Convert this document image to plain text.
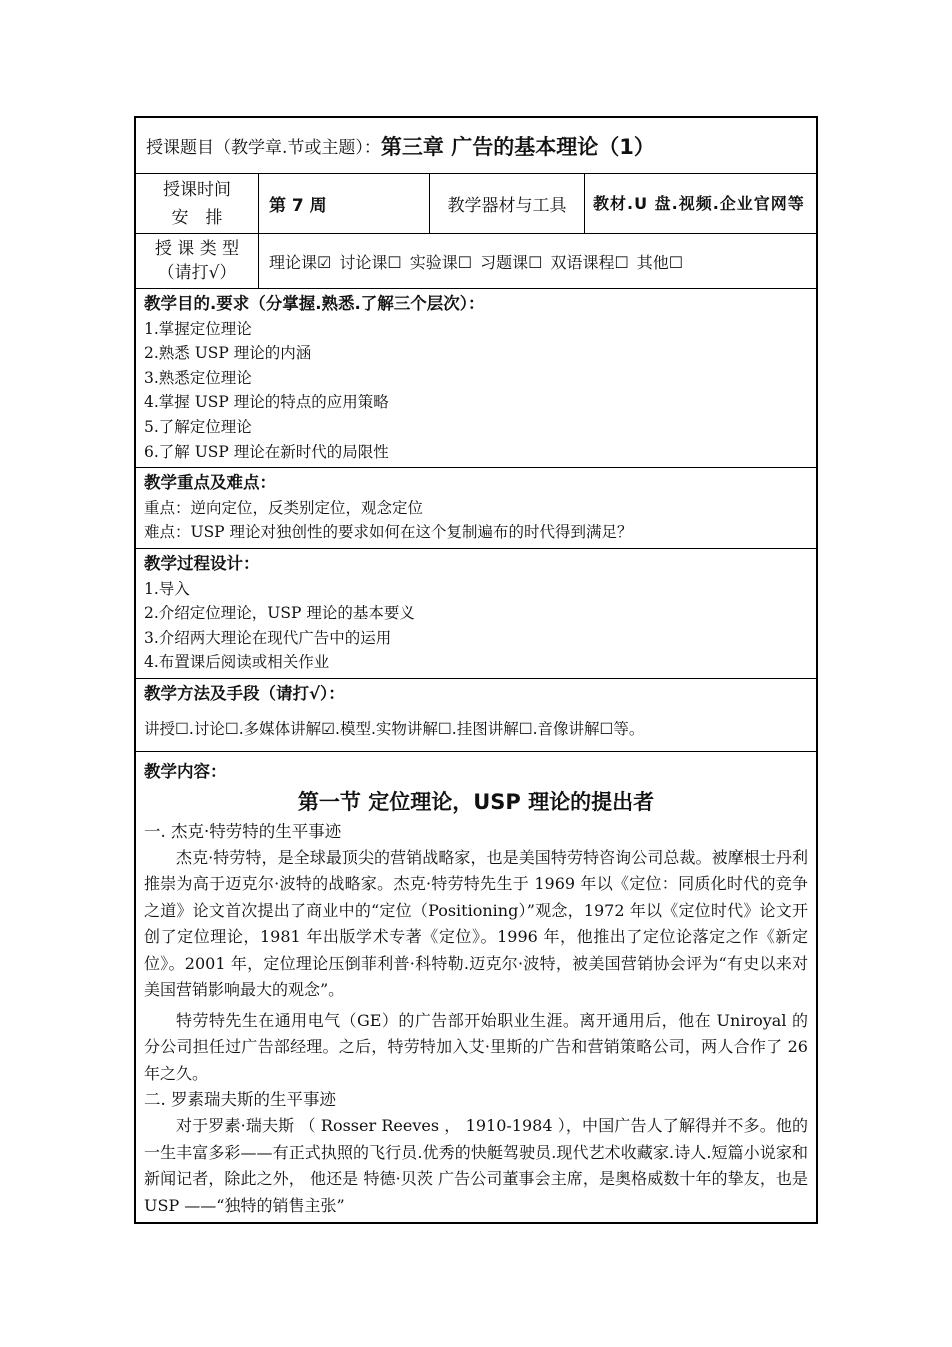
授课题目（教学章.节或主题）： 第三章 广告的基本理论（1）
授课时间
安　排
第 7 周	教学器材与工具	教材.U 盘.视频.企业官网等
授 课 类 型
（请打√）
理论课☑ 讨论课☐ 实验课☐ 习题课☐ 双语课程☐ 其他☐
教学目的.要求（分掌握.熟悉.了解三个层次）：
1.掌握定位理论
2.熟悉 USP 理论的内涵
3.熟悉定位理论
4.掌握 USP 理论的特点的应用策略
5.了解定位理论
6.了解 USP 理论在新时代的局限性
教学重点及难点：
重点：逆向定位，反类别定位，观念定位
难点：USP 理论对独创性的要求如何在这个复制遍布的时代得到满足？
教学过程设计：
1.导入
2.介绍定位理论，USP 理论的基本要义
3.介绍两大理论在现代广告中的运用
4.布置课后阅读或相关作业
教学方法及手段（请打√）：
讲授☐.讨论☐.多媒体讲解☑.模型.实物讲解☐.挂图讲解☐.音像讲解☐等。
教学内容：
第一节 定位理论，USP 理论的提出者
一. 杰克·特劳特的生平事迹

杰克·特劳特，是全球最顶尖的营销战略家，也是美国特劳特咨询公司总裁。被摩根士丹利推崇为高于迈克尔·波特的战略家。杰克·特劳特先生于 1969 年以《定位：同质化时代的竞争之道》论文首次提出了商业中的“定位（Positioning）”观念，1972 年以《定位时代》论文开创了定位理论，1981 年出版学术专著《定位》。1996 年，他推出了定位论落定之作《新定位》。2001 年，定位理论压倒菲利普·科特勒.迈克尔·波特，被美国营销协会评为“有史以来对美国营销影响最大的观念”。

特劳特先生在通用电气（GE）的广告部开始职业生涯。离开通用后，他在 Uniroyal 的分公司担任过广告部经理。之后，特劳特加入艾·里斯的广告和营销策略公司，两人合作了 26 年之久。

二. 罗素瑞夫斯的生平事迹

对于罗素·瑞夫斯 （ Rosser Reeves ， 1910-1984 ），中国广告人了解得并不多。他的一生丰富多彩——有正式执照的飞行员.优秀的快艇驾驶员.现代艺术收藏家.诗人.短篇小说家和新闻记者，除此之外， 他还是 特德·贝茨 广告公司董事会主席，是奥格威数十年的挚友，也是 USP ——“独特的销售主张”
